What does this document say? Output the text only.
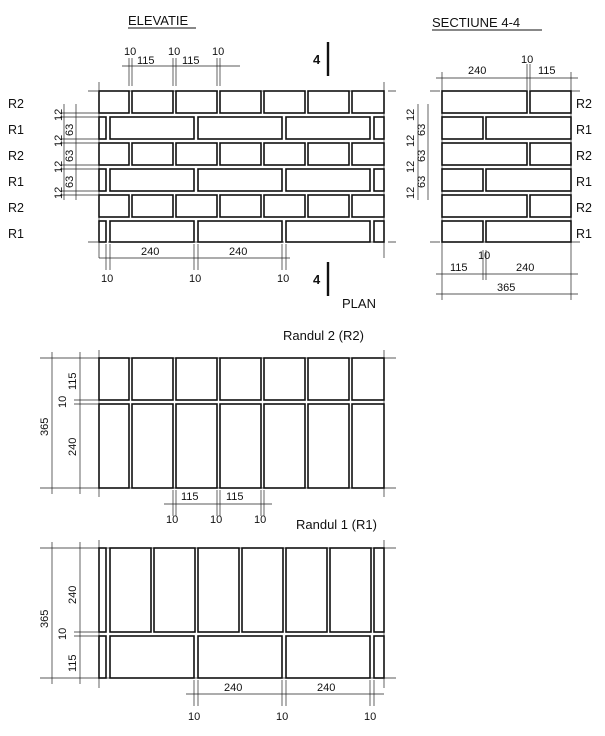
ELEVATIE	SECTIUNE 4-4
PLAN
Randul 2 (R2)
Randul 1 (R1)
4
4
10
115
10
115
10
240	240
10	10	10
12
63
12
63
12
63
12
R2
R1
R2
R1
R2
R1
240
10
115
115
10
240
365
12
63
12
63
12
63
12
R2
R1
R2
R1
R2
R1
365
115
10
240
115 115
10	10	10
365
240
10
115
240	240
10	10	10
